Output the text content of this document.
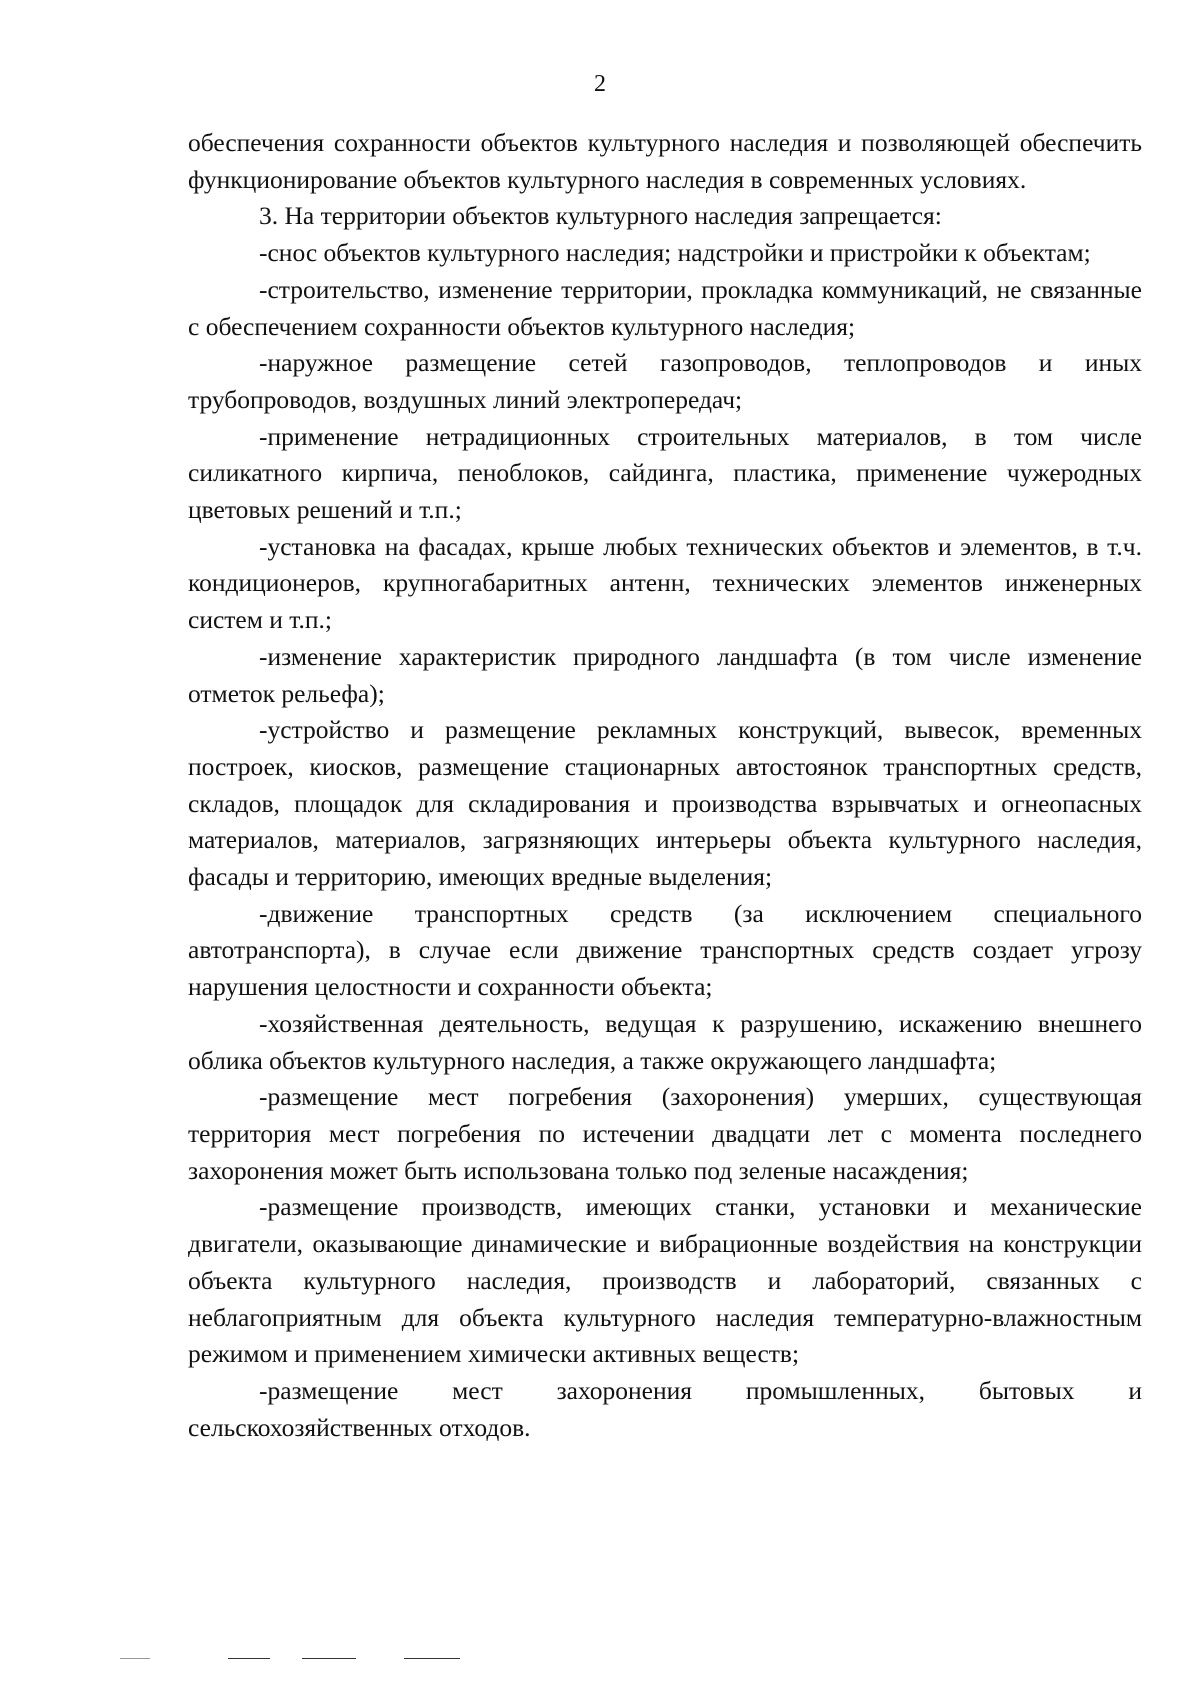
2

обеспечения сохранности объектов культурного наследия и позволяющей обеспечить функционирование объектов культурного наследия в современных условиях.

3. На территории объектов культурного наследия запрещается:

-снос объектов культурного наследия; надстройки и пристройки к объектам;

-строительство, изменение территории, прокладка коммуникаций, не связанные с обеспечением сохранности объектов культурного наследия;

-наружное размещение сетей газопроводов, теплопроводов и иных трубопроводов, воздушных линий электропередач;

-применение нетрадиционных строительных материалов, в том числе силикатного кирпича, пеноблоков, сайдинга, пластика, применение чужеродных цветовых решений и т.п.;

-установка на фасадах, крыше любых технических объектов и элементов, в т.ч. кондиционеров, крупногабаритных антенн, технических элементов инженерных систем и т.п.;

-изменение характеристик природного ландшафта (в том числе изменение отметок рельефа);

-устройство и размещение рекламных конструкций, вывесок, временных построек, киосков, размещение стационарных автостоянок транспортных средств, складов, площадок для складирования и производства взрывчатых и огнеопасных материалов, материалов, загрязняющих интерьеры объекта культурного наследия, фасады и территорию, имеющих вредные выделения;

-движение транспортных средств (за исключением специального автотранспорта), в случае если движение транспортных средств создает угрозу нарушения целостности и сохранности объекта;

-хозяйственная деятельность, ведущая к разрушению, искажению внешнего облика объектов культурного наследия, а также окружающего ландшафта;

-размещение мест погребения (захоронения) умерших, существующая территория мест погребения по истечении двадцати лет с момента последнего захоронения может быть использована только под зеленые насаждения;

-размещение производств, имеющих станки, установки и механические двигатели, оказывающие динамические и вибрационные воздействия на конструкции объекта культурного наследия, производств и лабораторий, связанных с неблагоприятным для объекта культурного наследия температурно-влажностным режимом и применением химически активных веществ;

-размещение мест захоронения промышленных, бытовых и сельскохозяйственных отходов.
